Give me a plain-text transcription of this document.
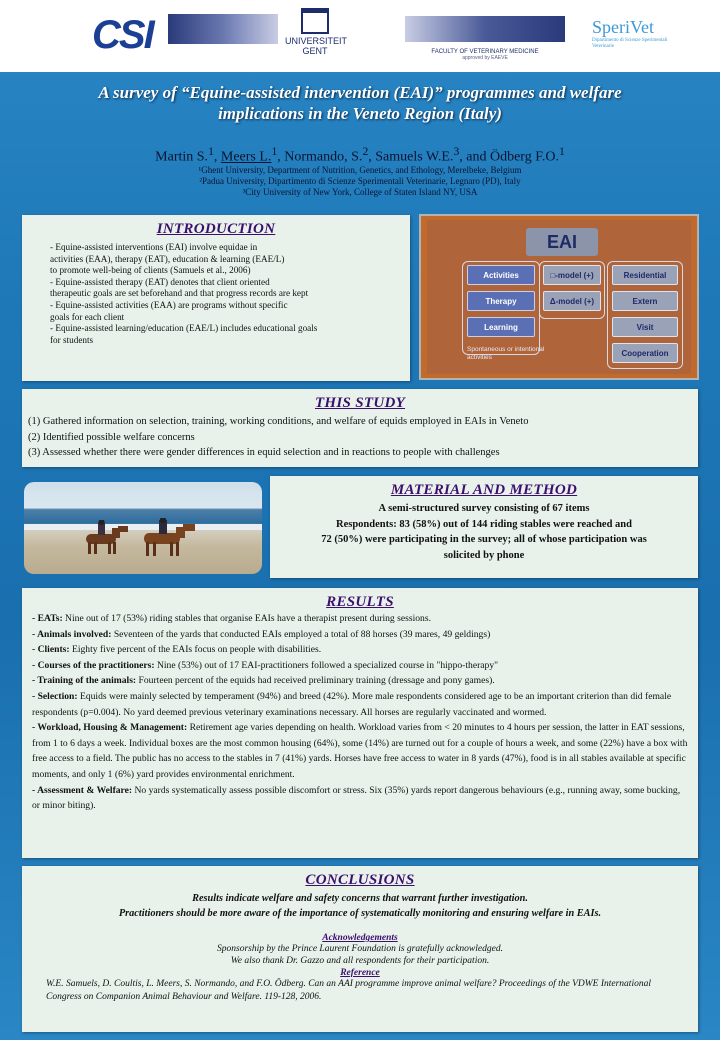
CSI	UNIVERSITEIT
GENT	FACULTY OF VETERINARY MEDICINE
approved by EAEVE
SperiVet
Dipartimento di Scienze Sperimentali Veterinarie
A survey of “Equine-assisted intervention (EAI)” programmes and welfare
implications in the Veneto Region (Italy)
Martin S.$^1$, Meers L.$^1$, Normando, S.$^2$, Samuels W.E.$^3$, and Ödberg F.O.$^1$
¹Ghent University, Department of Nutrition, Genetics, and Ethology, Merelbeke, Belgium
²Padua University, Dipartimento di Scienze Sperimentali Veterinarie, Legnaro (PD), Italy
³City University of New York, College of Staten Island NY, USA
INTRODUCTION
- Equine-assisted interventions (EAI) involve equidae in
activities (EAA), therapy (EAT), education & learning (EAE/L)
to promote well-being of clients (Samuels et al., 2006)
- Equine-assisted therapy (EAT) denotes that client oriented
therapeutic goals are set beforehand and that progress records are kept
- Equine-assisted activities (EAA) are programs without specific
goals for each client
- Equine-assisted learning/education (EAE/L) includes educational goals
for students
EAI
Activities
Therapy
Learning
□-model (+)
Δ-model (+)
Residential
Extern
Visit
Cooperation
Spontaneous or intentional activities
THIS STUDY
(1) Gathered information on selection, training, working conditions, and welfare of equids employed in EAIs in Veneto
(2) Identified possible welfare concerns
(3) Assessed whether there were gender differences in equid selection and in reactions to people with challenges
MATERIAL AND METHOD
A semi-structured survey consisting of 67 items
Respondents: 83 (58%) out of 144 riding stables were reached and
72 (50%) were participating in the survey; all of whose participation was
solicited by phone
RESULTS
- EATs: Nine out of 17 (53%) riding stables that organise EAIs have a therapist present during sessions.
- Animals involved: Seventeen of the yards that conducted EAIs employed a total of 88 horses (39 mares, 49 geldings)
- Clients: Eighty five percent of the EAIs focus on people with disabilities.
- Courses of the practitioners: Nine (53%) out of 17 EAI-practitioners followed a specialized course in "hippo-therapy"
- Training of the animals: Fourteen percent of the equids had received preliminary training (dressage and pony games).
- Selection: Equids were mainly selected by temperament (94%) and breed (42%). More male respondents considered age to be an important criterion than did female respondents (p=0.004). No yard deemed previous veterinary examinations necessary. All horses are regularly vaccinated and wormed.
- Workload, Housing & Management: Retirement age varies depending on health. Workload varies from < 20 minutes to 4 hours per session, the latter in EAT sessions, from 1 to 6 days a week. Individual boxes are the most common housing (64%), some (14%) are turned out for a couple of hours a week, and some (22%) have a box with free access to a field. The public has no access to the stables in 7 (41%) yards. Horses have free access to water in 8 yards (47%), food is in all stables available at specific moments, and only 1 (6%) yard provides environmental enrichment.
- Assessment & Welfare: No yards systematically assess possible discomfort or stress. Six (35%) yards report dangerous behaviours (e.g., running away, some bucking, or minor biting).
CONCLUSIONS
Results indicate welfare and safety concerns that warrant further investigation.
Practitioners should be more aware of the importance of systematically monitoring and ensuring welfare in EAIs.
Acknowledgements
Sponsorship by the Prince Laurent Foundation is gratefully acknowledged.
We also thank Dr. Gazzo and all respondents for their participation.
Reference
W.E. Samuels, D. Coultis, L. Meers, S. Normando, and F.O. Ödberg. Can an AAI programme improve animal welfare? Proceedings of the VDWE International Congress on Companion Animal Behaviour and Welfare. 119-128, 2006.
